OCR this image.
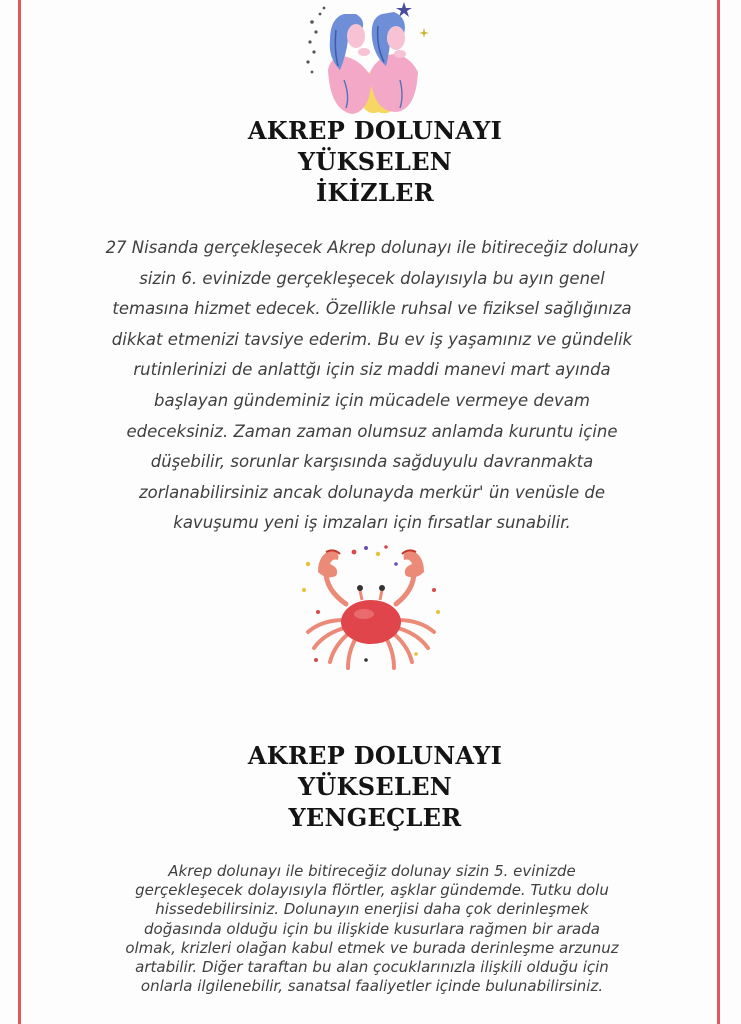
AKREP DOLUNAYI
YÜKSELEN
İKİZLER
27 Nisanda gerçekleşecek Akrep dolunayı ile bitireceğiz dolunay
sizin 6. evinizde gerçekleşecek dolayısıyla bu ayın genel
temasına hizmet edecek. Özellikle ruhsal ve fiziksel sağlığınıza
dikkat etmenizi tavsiye ederim. Bu ev iş yaşamınız ve gündelik
rutinlerinizi de anlattğı için siz maddi manevi mart ayında
başlayan gündeminiz için mücadele vermeye devam
edeceksiniz. Zaman zaman olumsuz anlamda kuruntu içine
düşebilir, sorunlar karşısında sağduyulu davranmakta
zorlanabilirsiniz ancak dolunayda merkür' ün venüsle de
kavuşumu yeni iş imzaları için fırsatlar sunabilir.
AKREP DOLUNAYI
YÜKSELEN
YENGEÇLER
Akrep dolunayı ile bitireceğiz dolunay sizin 5. evinizde
gerçekleşecek dolayısıyla flörtler, aşklar gündemde. Tutku dolu
hissedebilirsiniz. Dolunayın enerjisi daha çok derinleşmek
doğasında olduğu için bu ilişkide kusurlara rağmen bir arada
olmak, krizleri olağan kabul etmek ve burada derinleşme arzunuz
artabilir. Diğer taraftan bu alan çocuklarınızla ilişkili olduğu için
onlarla ilgilenebilir, sanatsal faaliyetler içinde bulunabilirsiniz.
